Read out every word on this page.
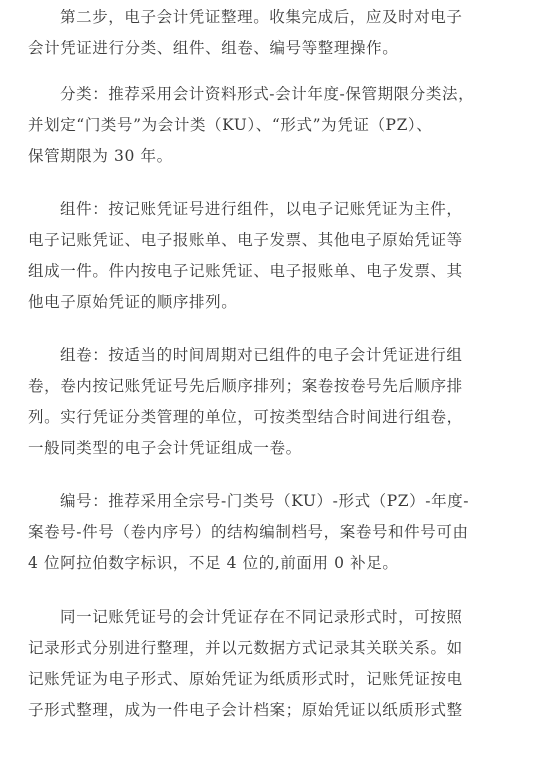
第二步，电子会计凭证整理。收集完成后，应及时对电子
会计凭证进行分类、组件、组卷、编号等整理操作。
分类：推荐采用会计资料形式-会计年度-保管期限分类法，
并划定“门类号”为会计类（KU）、“形式”为凭证（PZ）、
保管期限为 30 年。
组件：按记账凭证号进行组件，以电子记账凭证为主件，
电子记账凭证、电子报账单、电子发票、其他电子原始凭证等
组成一件。件内按电子记账凭证、电子报账单、电子发票、其
他电子原始凭证的顺序排列。
组卷：按适当的时间周期对已组件的电子会计凭证进行组
卷，卷内按记账凭证号先后顺序排列；案卷按卷号先后顺序排
列。实行凭证分类管理的单位，可按类型结合时间进行组卷，
一般同类型的电子会计凭证组成一卷。
编号：推荐采用全宗号-门类号（KU）-形式（PZ）-年度-
案卷号-件号（卷内序号）的结构编制档号，案卷号和件号可由
4 位阿拉伯数字标识，不足 4 位的,前面用 0 补足。
同一记账凭证号的会计凭证存在不同记录形式时，可按照
记录形式分别进行整理，并以元数据方式记录其关联关系。如
记账凭证为电子形式、原始凭证为纸质形式时，记账凭证按电
子形式整理，成为一件电子会计档案；原始凭证以纸质形式整
